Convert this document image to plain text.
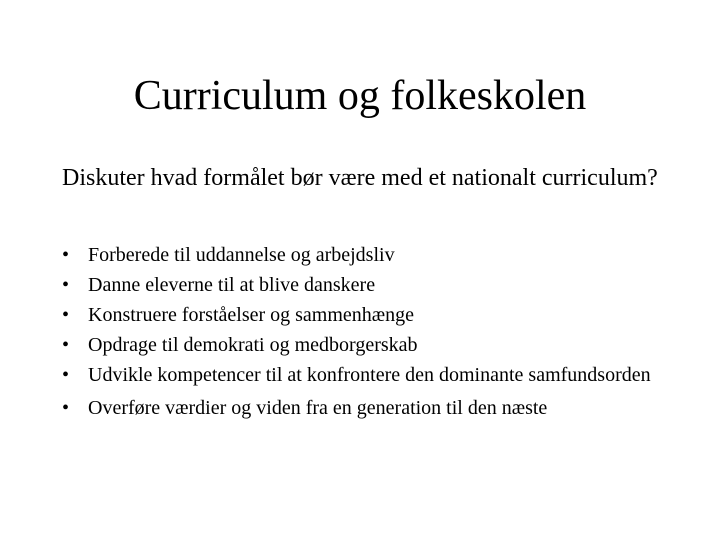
Curriculum og folkeskolen

Diskuter hvad formålet bør være med et nationalt curriculum?

• Forberede til uddannelse og arbejdsliv
• Danne eleverne til at blive danskere
• Konstruere forståelser og sammenhænge
• Opdrage til demokrati og medborgerskab
• Udvikle kompetencer til at konfrontere den dominante samfundsorden
• Overføre værdier og viden fra en generation til den næste
